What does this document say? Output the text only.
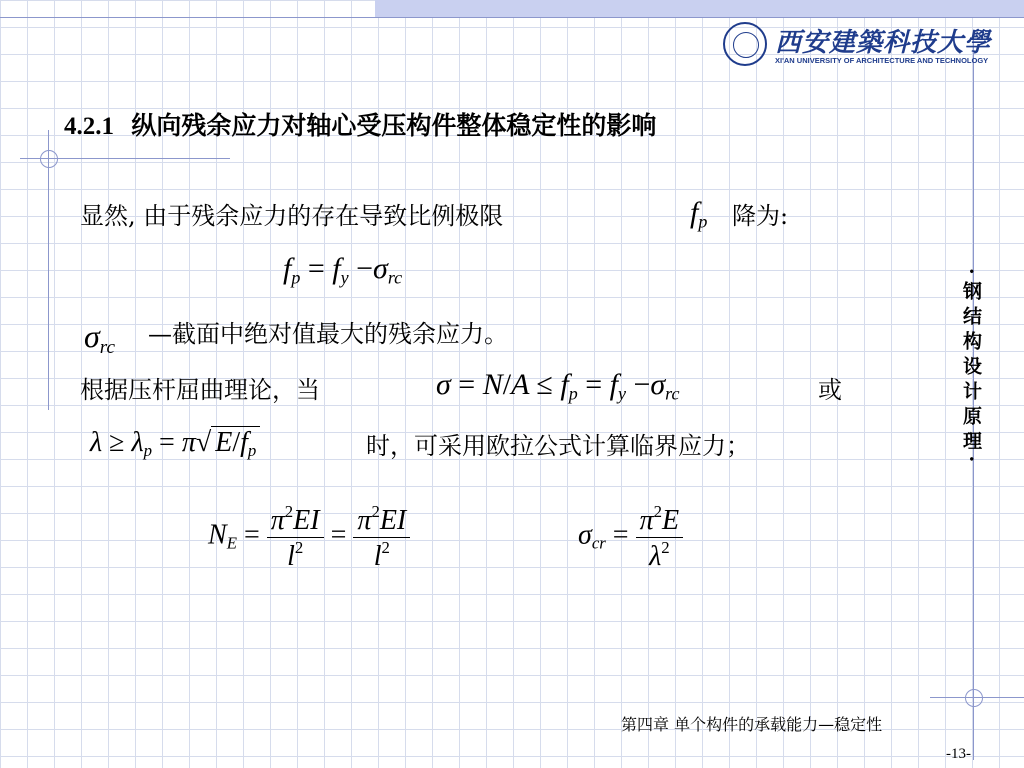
西安建築科技大學
XI'AN UNIVERSITY OF ARCHITECTURE AND TECHNOLOGY
4.2.1 纵向残余应力对轴心受压构件整体稳定性的影响
显然, 由于残余应力的存在导致比例极限	$f_p$ 降为:
$f_p = f_y -\sigma_{rc}$
$\sigma_{rc}$ —截面中绝对值最大的残余应力。
根据压杆屈曲理论，当	$\sigma = N/A \le f_p = f_y -\sigma_{rc}$	或
$\lambda \ge \lambda_p = \pi√$ $E/f_p$	时，可采用欧拉公式计算临界应力；
$N_E = \frac{\pi^2EI}{l^2} = \frac{\pi^2EI}{l^2}$	$\sigma_{cr} = \frac{\pi^2E}{\lambda^2}$
·钢结构设计原理·
第四章 单个构件的承载能力—稳定性
-13-
